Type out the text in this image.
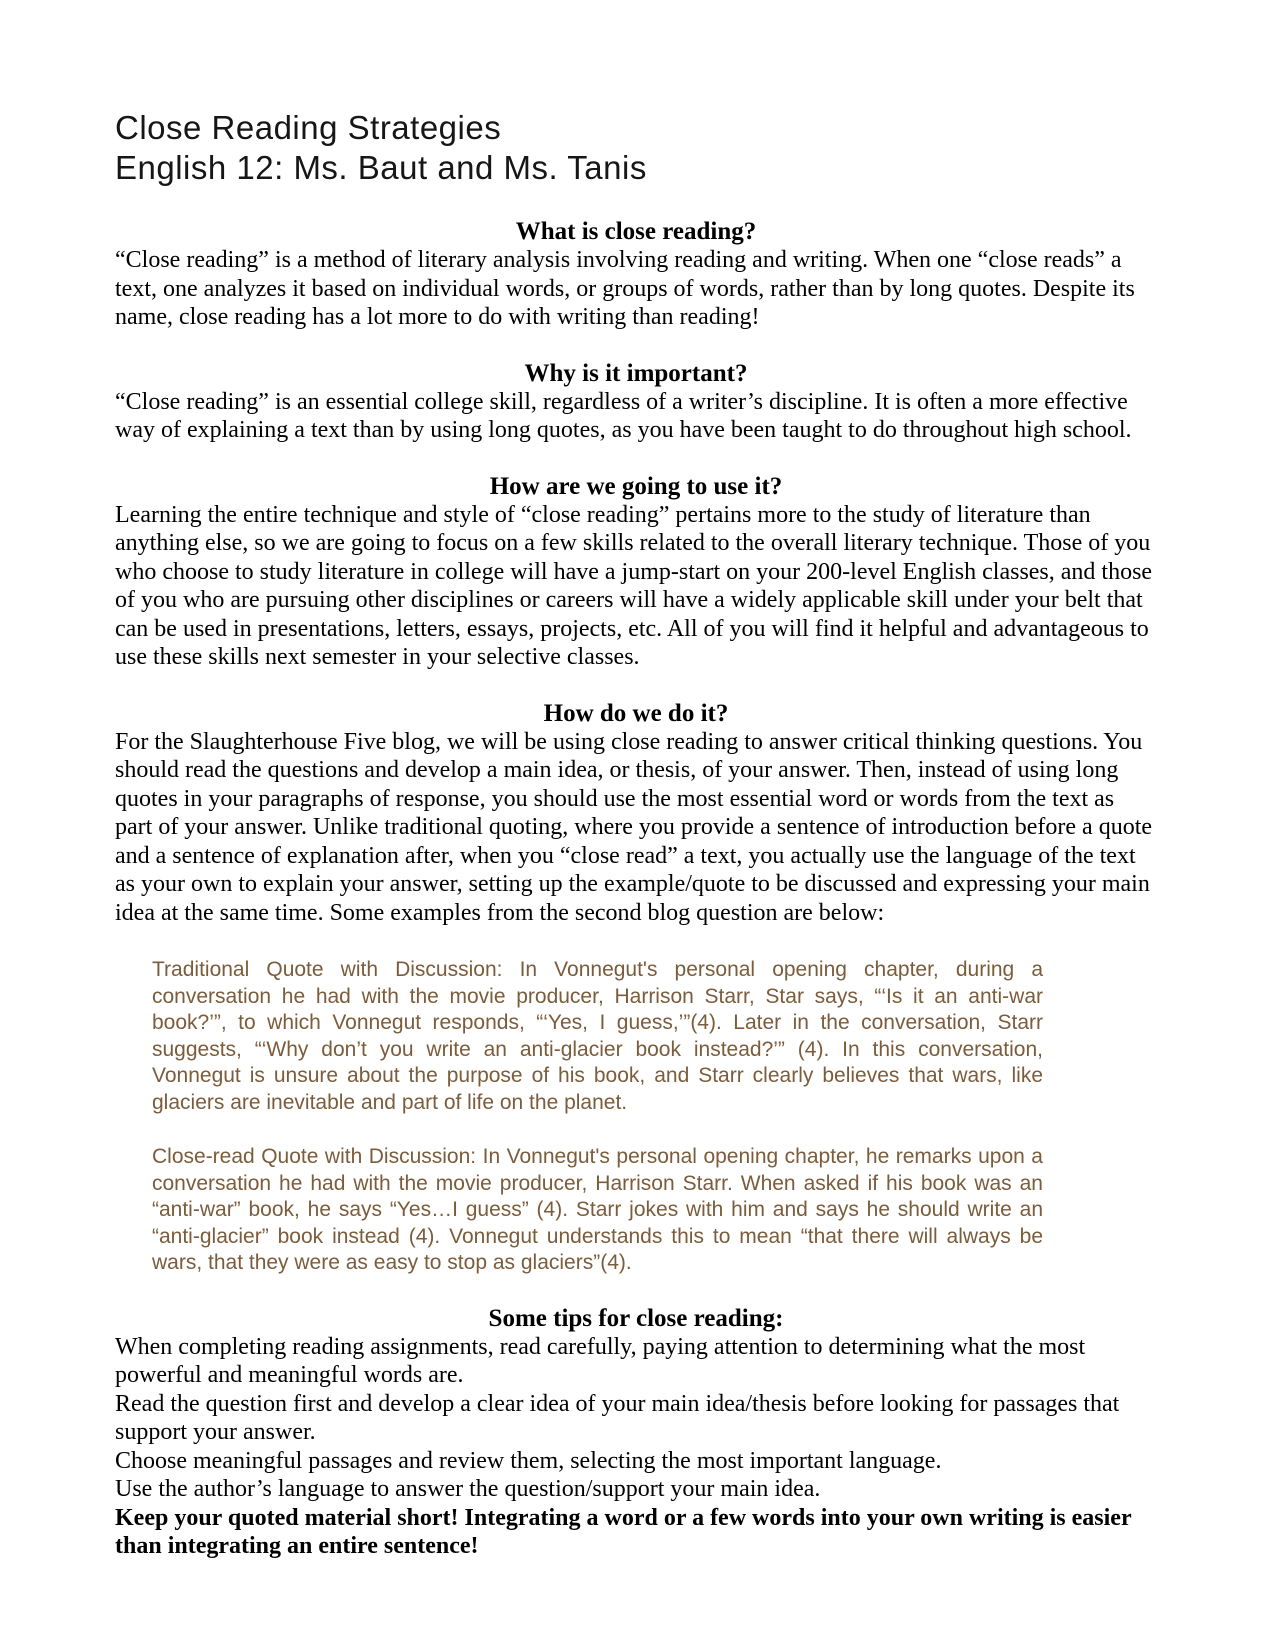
Close Reading Strategies
English 12: Ms. Baut and Ms. Tanis
What is close reading?

“Close reading” is a method of literary analysis involving reading and writing. When one “close reads” a text, one analyzes it based on individual words, or groups of words, rather than by long quotes. Despite its name, close reading has a lot more to do with writing than reading!

Why is it important?

“Close reading” is an essential college skill, regardless of a writer’s discipline. It is often a more effective way of explaining a text than by using long quotes, as you have been taught to do throughout high school.

How are we going to use it?

Learning the entire technique and style of “close reading” pertains more to the study of literature than anything else, so we are going to focus on a few skills related to the overall literary technique. Those of you who choose to study literature in college will have a jump-start on your 200-level English classes, and those of you who are pursuing other disciplines or careers will have a widely applicable skill under your belt that can be used in presentations, letters, essays, projects, etc. All of you will find it helpful and advantageous to use these skills next semester in your selective classes.

How do we do it?

For the Slaughterhouse Five blog, we will be using close reading to answer critical thinking questions. You should read the questions and develop a main idea, or thesis, of your answer. Then, instead of using long quotes in your paragraphs of response, you should use the most essential word or words from the text as part of your answer. Unlike traditional quoting, where you provide a sentence of introduction before a quote and a sentence of explanation after, when you “close read” a text, you actually use the language of the text as your own to explain your answer, setting up the example/quote to be discussed and expressing your main idea at the same time. Some examples from the second blog question are below:

Traditional Quote with Discussion: In Vonnegut's personal opening chapter, during a conversation he had with the movie producer, Harrison Starr, Star says, “‘Is it an anti-war book?’”, to which Vonnegut responds, “‘Yes, I guess,’”(4). Later in the conversation, Starr suggests, “‘Why don’t you write an anti-glacier book instead?’” (4). In this conversation, Vonnegut is unsure about the purpose of his book, and Starr clearly believes that wars, like glaciers are inevitable and part of life on the planet.

Close-read Quote with Discussion: In Vonnegut's personal opening chapter, he remarks upon a conversation he had with the movie producer, Harrison Starr. When asked if his book was an “anti-war” book, he says “Yes…I guess” (4). Starr jokes with him and says he should write an “anti-glacier” book instead (4). Vonnegut understands this to mean “that there will always be wars, that they were as easy to stop as glaciers”(4).

Some tips for close reading:

When completing reading assignments, read carefully, paying attention to determining what the most powerful and meaningful words are.

Read the question first and develop a clear idea of your main idea/thesis before looking for passages that support your answer.

Choose meaningful passages and review them, selecting the most important language.

Use the author’s language to answer the question/support your main idea.

Keep your quoted material short! Integrating a word or a few words into your own writing is easier than integrating an entire sentence!
